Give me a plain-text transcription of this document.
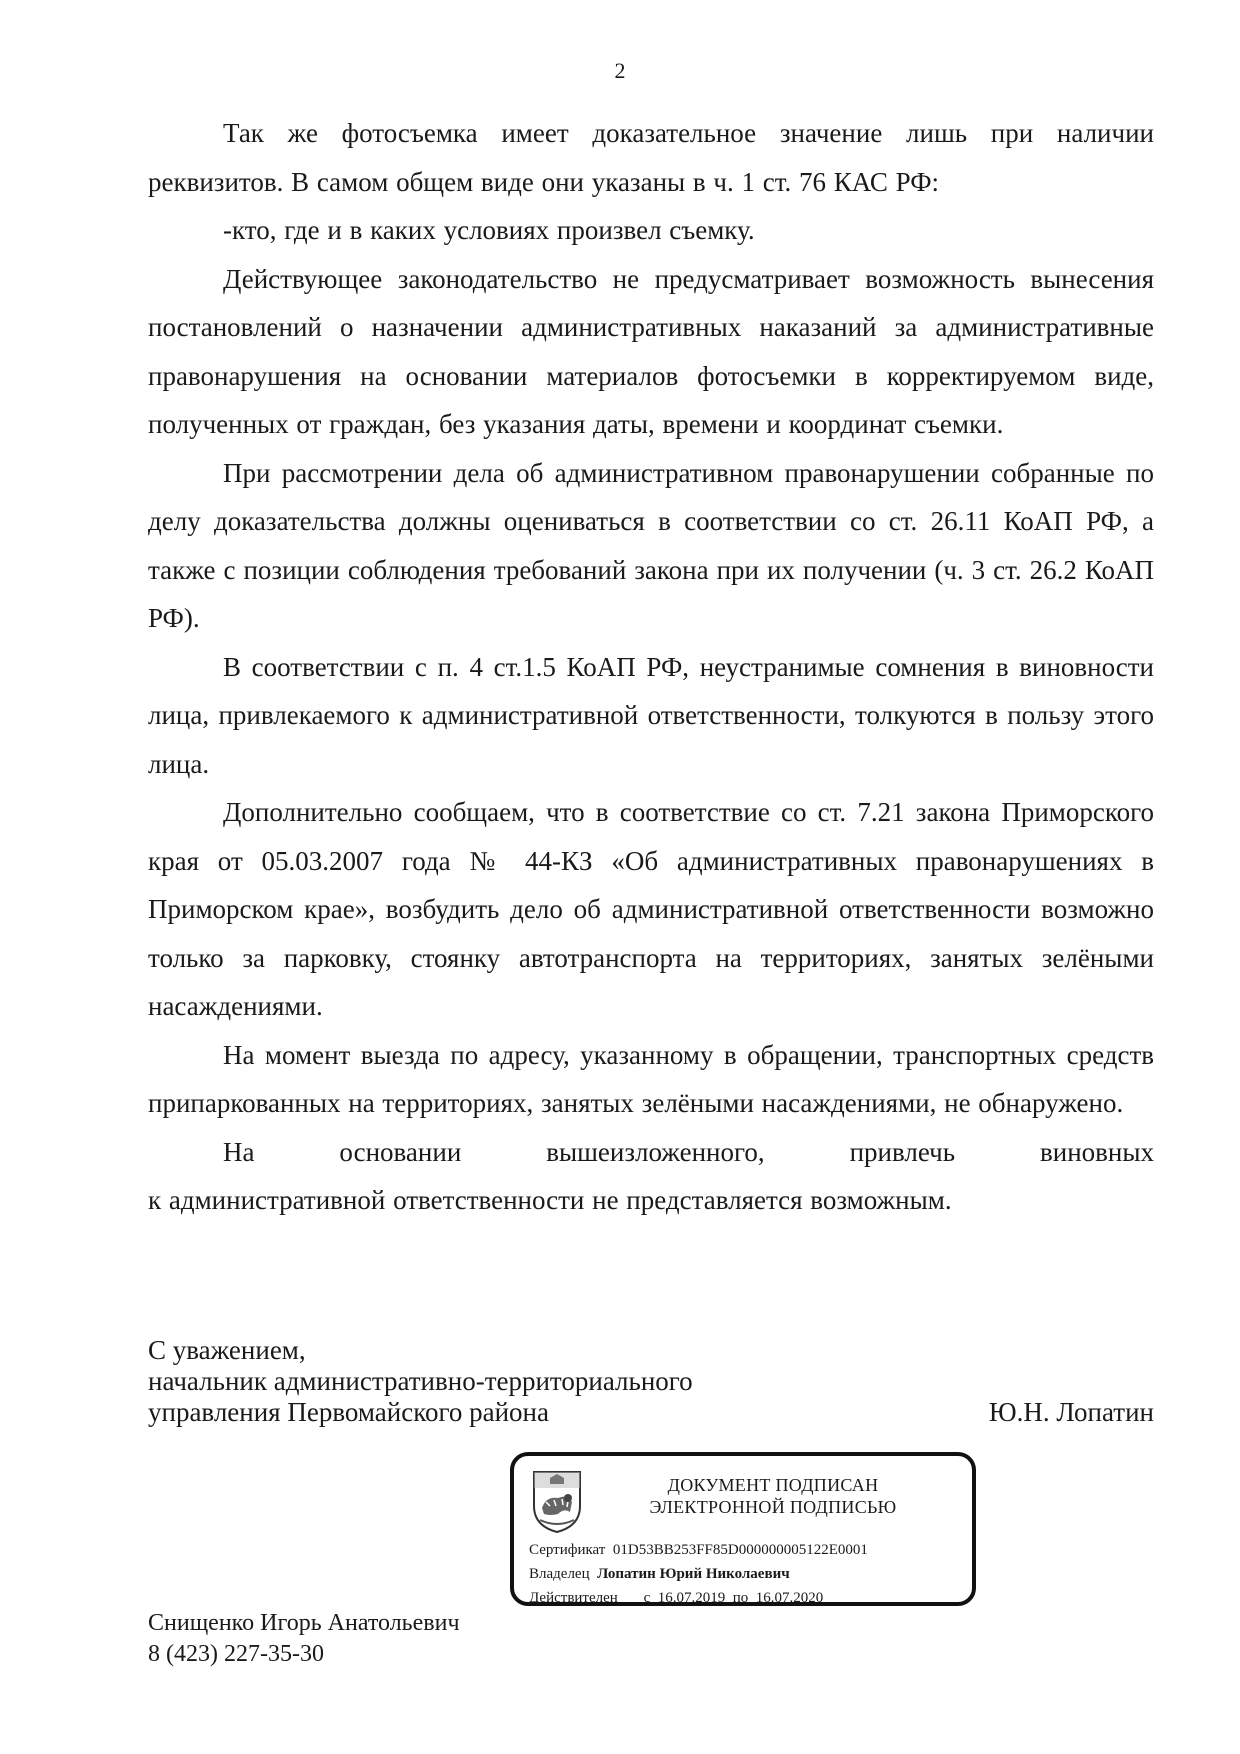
2

Так же фотосъемка имеет доказательное значение лишь при наличии реквизитов. В самом общем виде они указаны в ч. 1 ст. 76 КАС РФ:

-кто, где и в каких условиях произвел съемку.

Действующее законодательство не предусматривает возможность вынесения постановлений о назначении административных наказаний за административные правонарушения на основании материалов фотосъемки в корректируемом виде, полученных от граждан, без указания даты, времени и координат съемки.

При рассмотрении дела об административном правонарушении собранные по делу доказательства должны оцениваться в соответствии со ст. 26.11 КоАП РФ, а также с позиции соблюдения требований закона при их получении (ч. 3 ст. 26.2 КоАП РФ).

В соответствии с п. 4 ст.1.5 КоАП РФ, неустранимые сомнения в виновности лица, привлекаемого к административной ответственности, толкуются в пользу этого лица.

Дополнительно сообщаем, что в соответствие со ст. 7.21 закона Приморского края от 05.03.2007 года № 44-КЗ «Об административных правонарушениях в Приморском крае», возбудить дело об административной ответственности возможно только за парковку, стоянку автотранспорта на территориях, занятых зелёными насаждениями.

На момент выезда по адресу, указанному в обращении, транспортных средств припаркованных на территориях, занятых зелёными насаждениями, не обнаружено.

На основании вышеизложенного, привлечь виновных

к административной ответственности не представляется возможным.

С уважением,
начальник административно-территориального
управления Первомайского района	Ю.Н. Лопатин
ДОКУМЕНТ ПОДПИСАН
ЭЛЕКТРОННОЙ ПОДПИСЬЮ
Сертификат 01D53BB253FF85D000000005122E0001
Владелец Лопатин Юрий Николаевич
Действителен с 16.07.2019 по 16.07.2020
Снищенко Игорь Анатольевич
8 (423) 227-35-30
